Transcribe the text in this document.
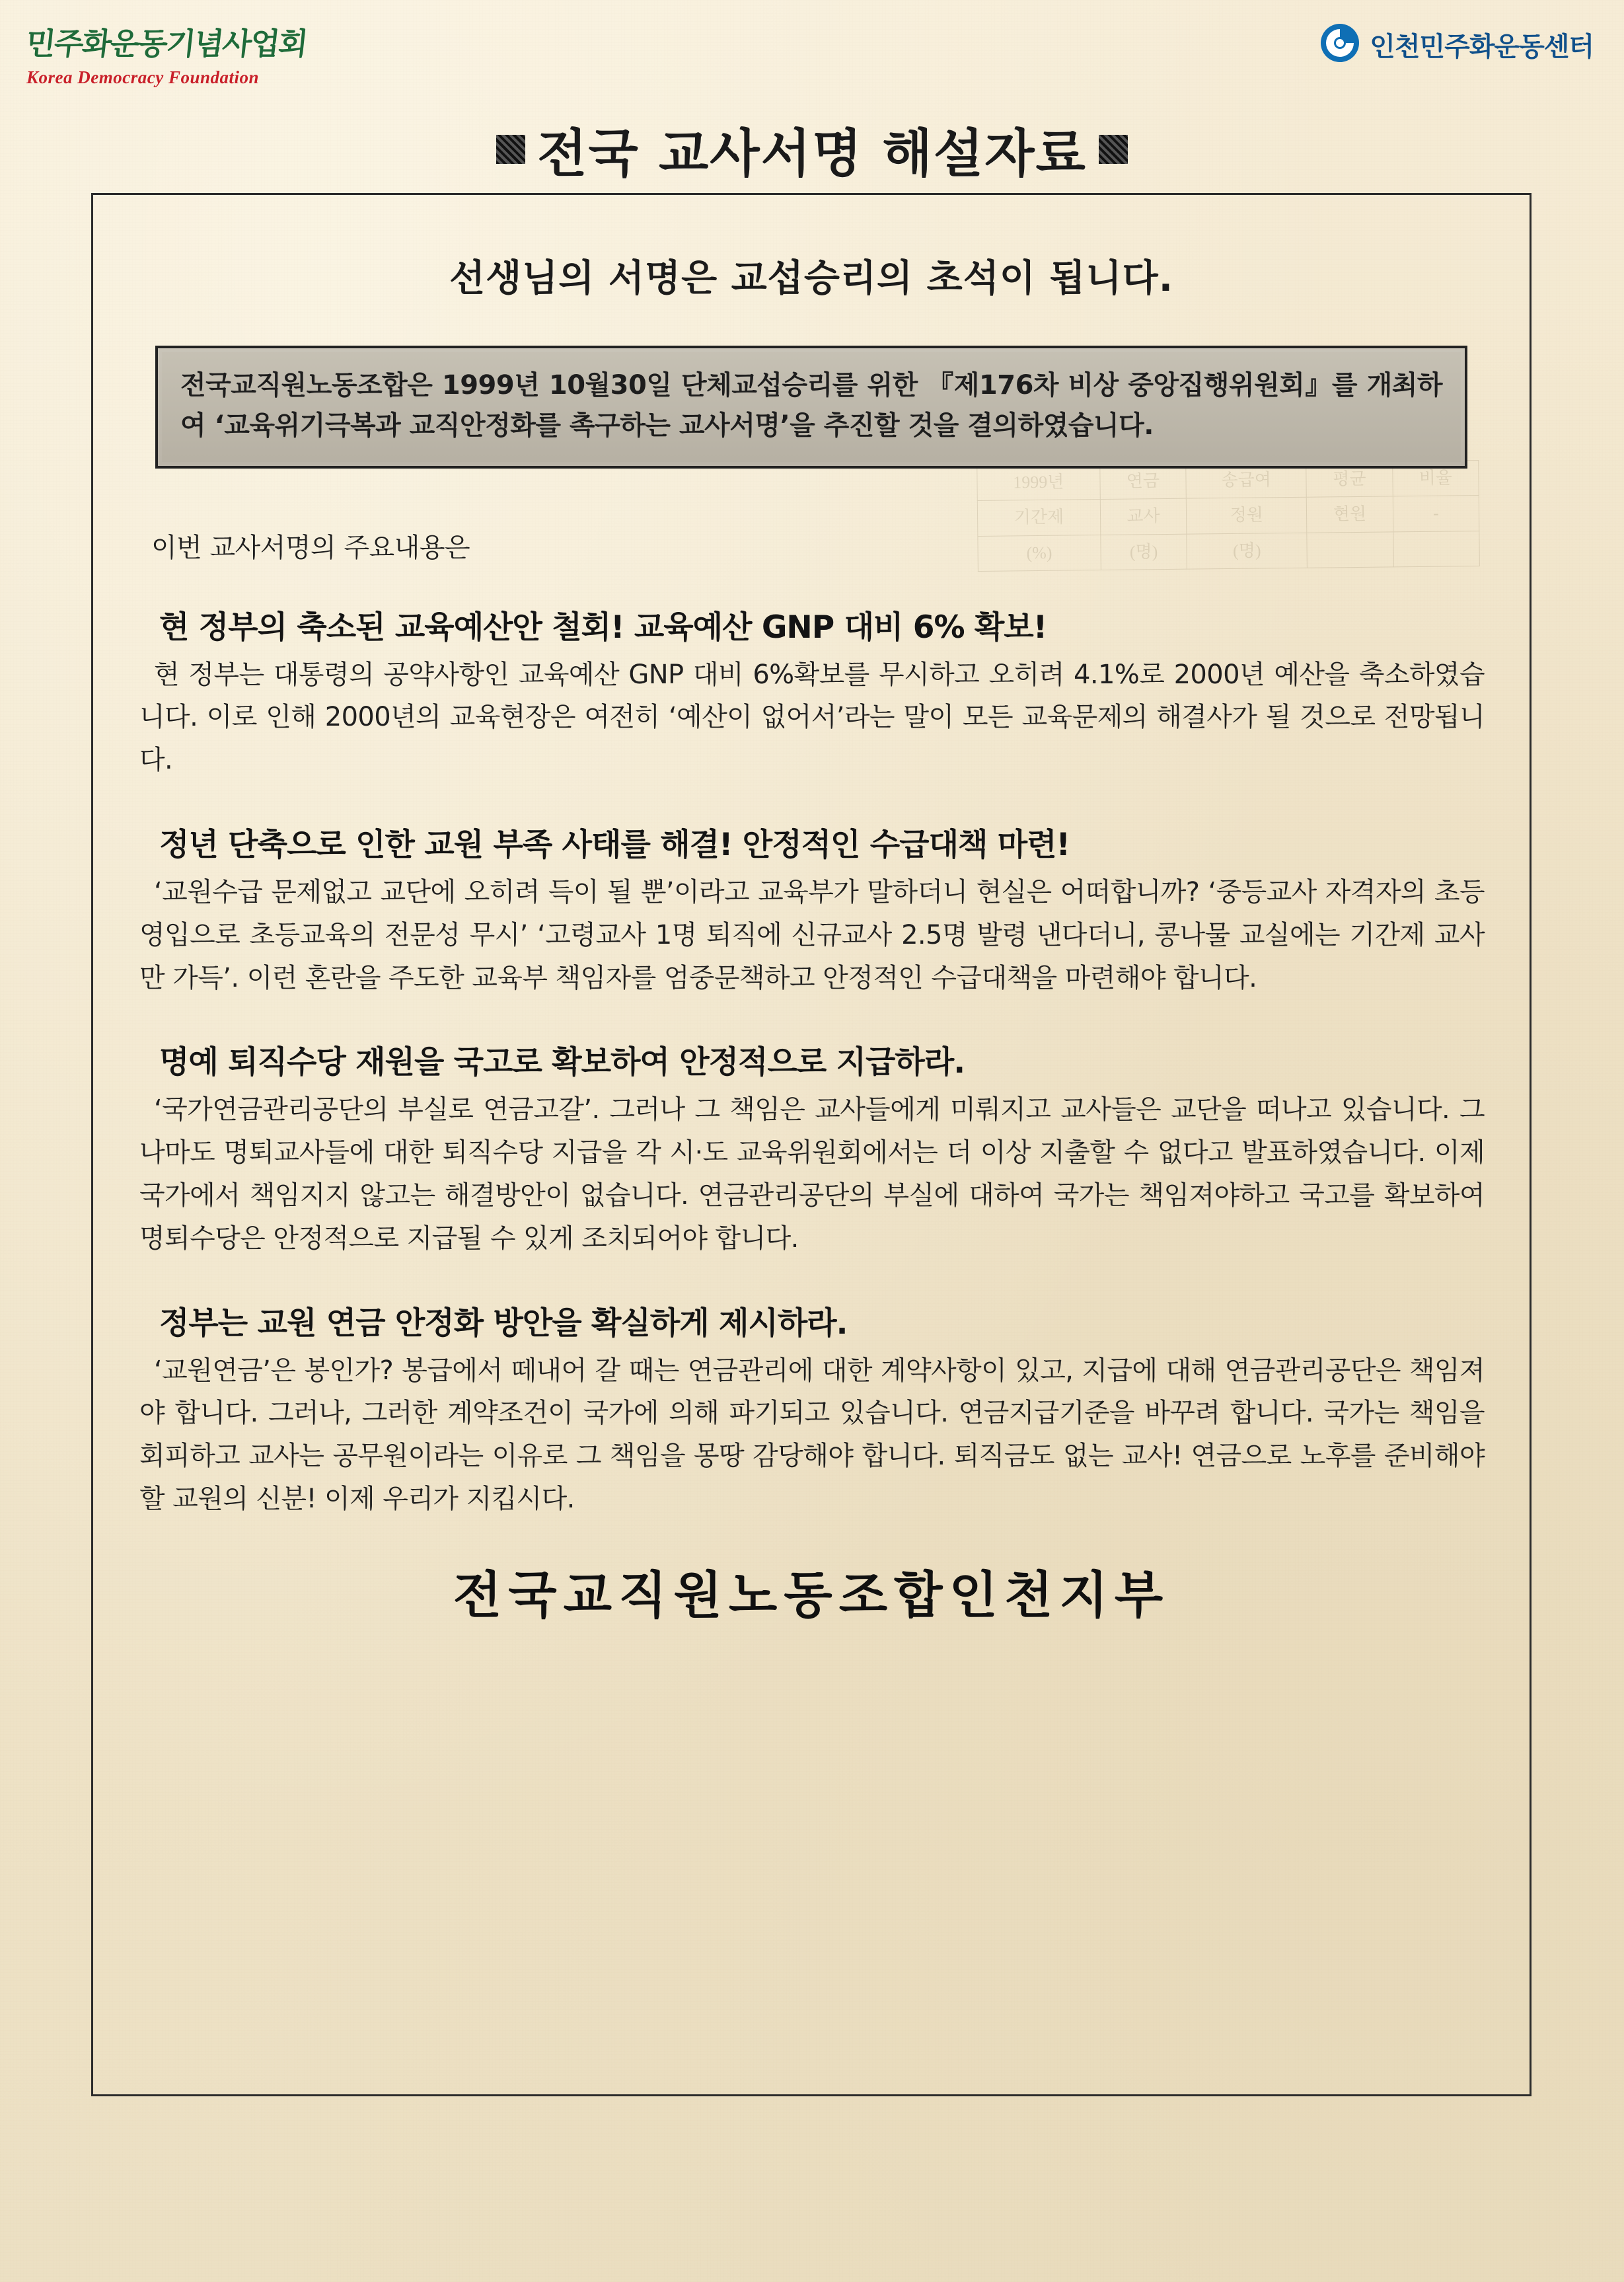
1999년	연금	송급여	평균	비율
기간제	교사	정원	현원	-
(%)	(명)	(명)		
민주화운동기념사업회
Korea Democracy Foundation
인천민주화운동센터
전국 교사서명 해설자료
선생님의 서명은 교섭승리의 초석이 됩니다.

전국교직원노동조합은 1999년 10월30일 단체교섭승리를 위한 『제176차 비상 중앙집행위원회』를 개최하여 ‘교육위기극복과 교직안정화를 촉구하는 교사서명’을 추진할 것을 결의하였습니다.

이번 교사서명의 주요내용은
현 정부의 축소된 교육예산안 철회! 교육예산 GNP 대비 6% 확보!
현 정부는 대통령의 공약사항인 교육예산 GNP 대비 6%확보를 무시하고 오히려 4.1%로 2000년 예산을 축소하였습니다. 이로 인해 2000년의 교육현장은 여전히 ‘예산이 없어서’라는 말이 모든 교육문제의 해결사가 될 것으로 전망됩니다.
정년 단축으로 인한 교원 부족 사태를 해결! 안정적인 수급대책 마련!
‘교원수급 문제없고 교단에 오히려 득이 될 뿐’이라고 교육부가 말하더니 현실은 어떠합니까? ‘중등교사 자격자의 초등영입으로 초등교육의 전문성 무시’ ‘고령교사 1명 퇴직에 신규교사 2.5명 발령 낸다더니, 콩나물 교실에는 기간제 교사만 가득’. 이런 혼란을 주도한 교육부 책임자를 엄중문책하고 안정적인 수급대책을 마련해야 합니다.
명예 퇴직수당 재원을 국고로 확보하여 안정적으로 지급하라.
‘국가연금관리공단의 부실로 연금고갈’. 그러나 그 책임은 교사들에게 미뤄지고 교사들은 교단을 떠나고 있습니다. 그나마도 명퇴교사들에 대한 퇴직수당 지급을 각 시·도 교육위원회에서는 더 이상 지출할 수 없다고 발표하였습니다. 이제 국가에서 책임지지 않고는 해결방안이 없습니다. 연금관리공단의 부실에 대하여 국가는 책임져야하고 국고를 확보하여 명퇴수당은 안정적으로 지급될 수 있게 조치되어야 합니다.
정부는 교원 연금 안정화 방안을 확실하게 제시하라.
‘교원연금’은 봉인가? 봉급에서 떼내어 갈 때는 연금관리에 대한 계약사항이 있고, 지급에 대해 연금관리공단은 책임져야 합니다. 그러나, 그러한 계약조건이 국가에 의해 파기되고 있습니다. 연금지급기준을 바꾸려 합니다. 국가는 책임을 회피하고 교사는 공무원이라는 이유로 그 책임을 몽땅 감당해야 합니다. 퇴직금도 없는 교사! 연금으로 노후를 준비해야할 교원의 신분! 이제 우리가 지킵시다.
전국교직원노동조합인천지부
